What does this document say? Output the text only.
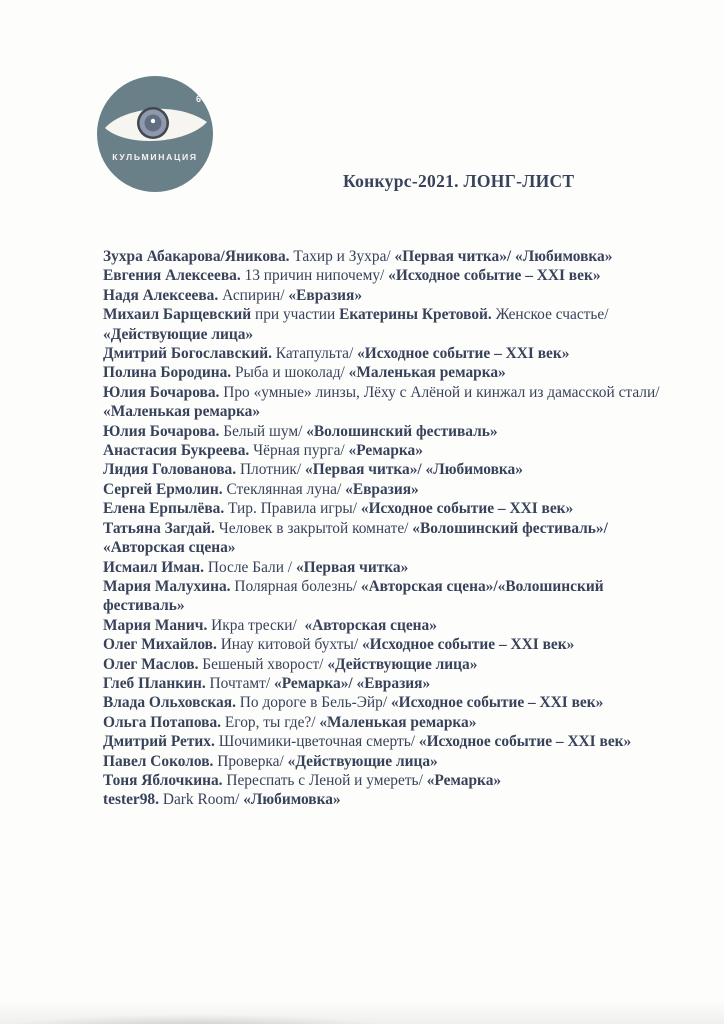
6
КУЛЬМИНАЦИЯ
Конкурс-2021. ЛОНГ-ЛИСТ

Зухра Абакарова/Яникова. Тахир и Зухра/ «Первая читка»/ «Любимовка»

Евгения Алексеева. 13 причин нипочему/ «Исходное событие – XXI век»

Надя Алексеева. Аспирин/ «Евразия»

Михаил Барщевский при участии Екатерины Кретовой. Женское счастье/ «Действующие лица»

Дмитрий Богославский. Катапульта/ «Исходное событие – XXI век»

Полина Бородина. Рыба и шоколад/ «Маленькая ремарка»

Юлия Бочарова. Про «умные» линзы, Лёху с Алёной и кинжал из дамасской стали/ «Маленькая ремарка»

Юлия Бочарова. Белый шум/ «Волошинский фестиваль»

Анастасия Букреева. Чёрная пурга/ «Ремарка»

Лидия Голованова. Плотник/ «Первая читка»/ «Любимовка»

Сергей Ермолин. Стеклянная луна/ «Евразия»

Елена Ерпылёва. Тир. Правила игры/ «Исходное событие – XXI век»

Татьяна Загдай. Человек в закрытой комнате/ «Волошинский фестиваль»/ «Авторская сцена»

Исмаил Иман. После Бали / «Первая читка»

Мария Малухина. Полярная болезнь/ «Авторская сцена»/«Волошинский фестиваль»

Мария Манич. Икра трески/  «Авторская сцена»

Олег Михайлов. Инау китовой бухты/ «Исходное событие – XXI век»

Олег Маслов. Бешеный хворост/ «Действующие лица»

Глеб Планкин. Почтамт/ «Ремарка»/ «Евразия»

Влада Ольховская. По дороге в Бель-Эйр/ «Исходное событие – XXI век»

Ольга Потапова. Егор, ты где?/ «Маленькая ремарка»

Дмитрий Ретих. Шочимики-цветочная смерть/ «Исходное событие – XXI век»

Павел Соколов. Проверка/ «Действующие лица»

Тоня Яблочкина. Переспать с Леной и умереть/ «Ремарка»

tester98. Dark Room/ «Любимовка»
